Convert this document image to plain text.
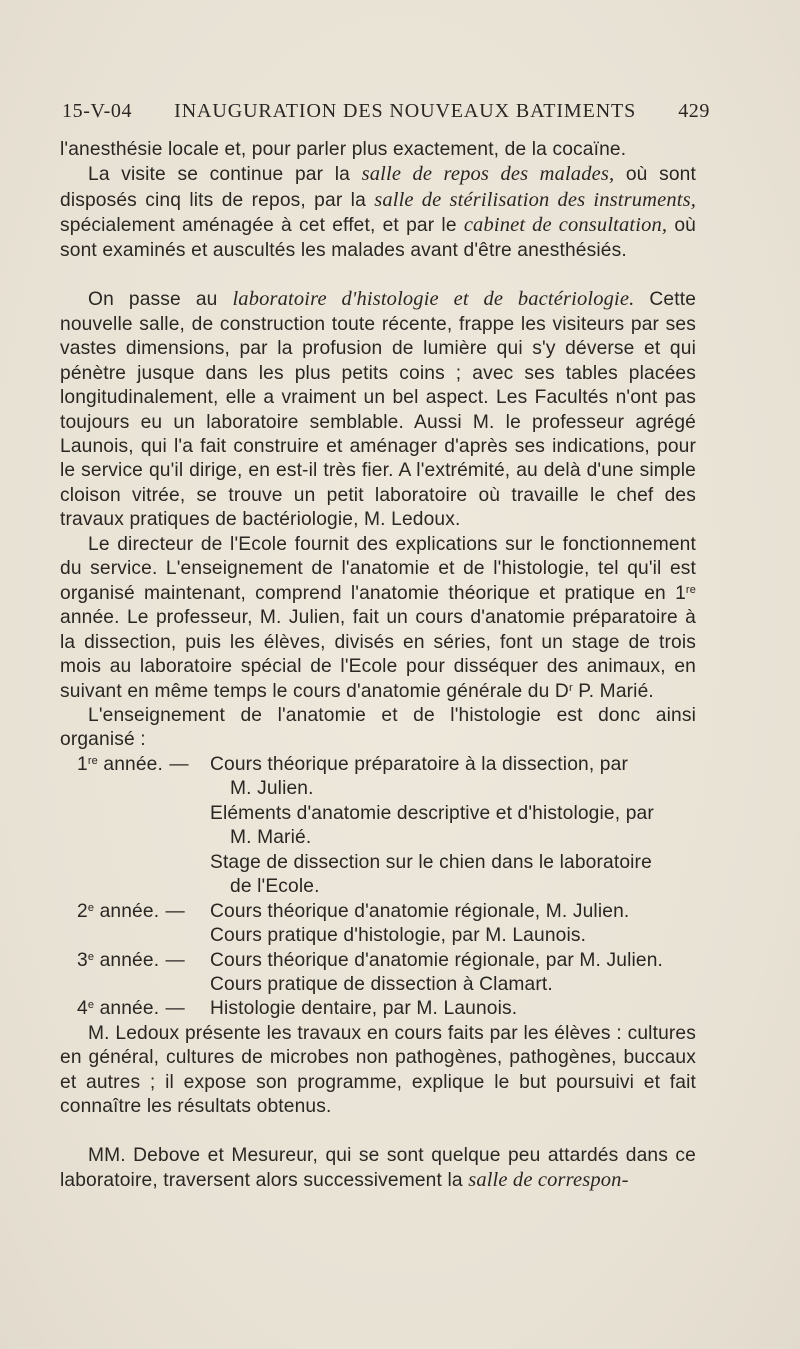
15-V-04 INAUGURATION DES NOUVEAUX BATIMENTS 429

l'anesthésie locale et, pour parler plus exactement, de la cocaïne.

La visite se continue par la salle de repos des malades, où sont disposés cinq lits de repos, par la salle de stérilisation des instruments, spécialement aménagée à cet effet, et par le cabinet de consultation, où sont examinés et auscultés les malades avant d'être anesthésiés.

On passe au laboratoire d'histologie et de bactériologie. Cette nouvelle salle, de construction toute récente, frappe les visiteurs par ses vastes dimensions, par la profusion de lumière qui s'y déverse et qui pénètre jusque dans les plus petits coins ; avec ses tables placées longitudinalement, elle a vraiment un bel aspect. Les Facultés n'ont pas toujours eu un laboratoire semblable. Aussi M. le professeur agrégé Launois, qui l'a fait construire et aménager d'après ses indications, pour le service qu'il dirige, en est-il très fier. A l'extrémité, au delà d'une simple cloison vitrée, se trouve un petit laboratoire où travaille le chef des travaux pratiques de bactériologie, M. Ledoux.

Le directeur de l'Ecole fournit des explications sur le fonctionnement du service. L'enseignement de l'anatomie et de l'histologie, tel qu'il est organisé maintenant, comprend l'anatomie théorique et pratique en 1re année. Le professeur, M. Julien, fait un cours d'anatomie préparatoire à la dissection, puis les élèves, divisés en séries, font un stage de trois mois au laboratoire spécial de l'Ecole pour disséquer des animaux, en suivant en même temps le cours d'anatomie générale du $D^r$ P. Marié.

L'enseignement de l'anatomie et de l'histologie est donc ainsi organisé :

1re année. —	Cours théorique préparatoire à la dissection, par
M. Julien.
Eléments d'anatomie descriptive et d'histologie, par
M. Marié.
Stage de dissection sur le chien dans le laboratoire
de l'Ecole.
2e année. —	Cours théorique d'anatomie régionale, M. Julien.
Cours pratique d'histologie, par M. Launois.
3e année. —	Cours théorique d'anatomie régionale, par M. Julien.
Cours pratique de dissection à Clamart.
4e année. —	Histologie dentaire, par M. Launois.

M. Ledoux présente les travaux en cours faits par les élèves : cultures en général, cultures de microbes non pathogènes, pathogènes, buccaux et autres ; il expose son programme, explique le but poursuivi et fait connaître les résultats obtenus.

MM. Debove et Mesureur, qui se sont quelque peu attardés dans ce laboratoire, traversent alors successivement la salle de correspon-
